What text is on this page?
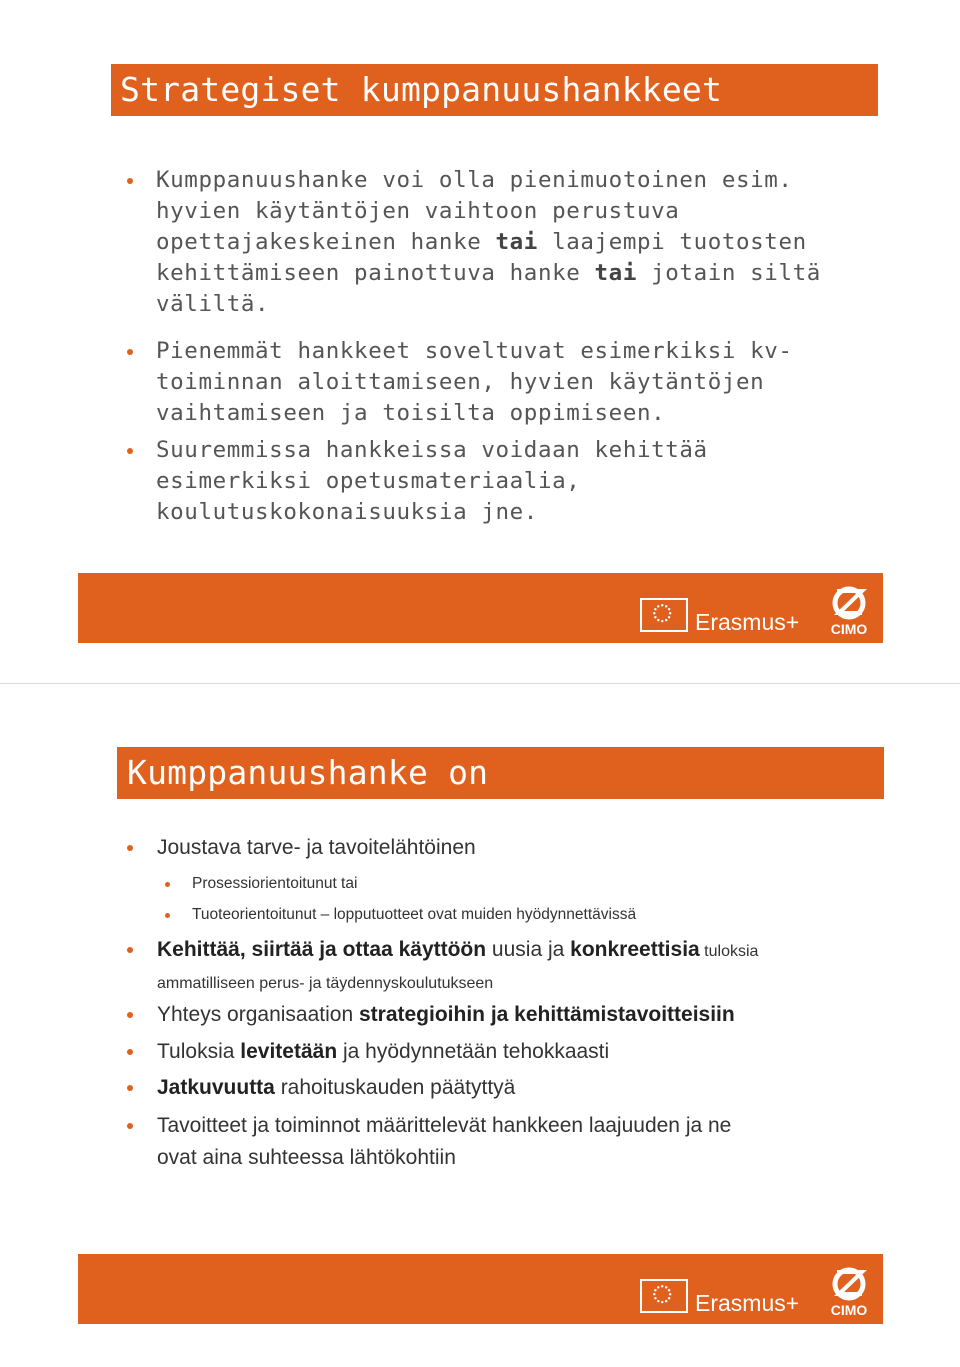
Strategiset kumppanuushankkeet
Kumppanuushanke voi olla pienimuotoinen esim.
hyvien käytäntöjen vaihtoon perustuva
opettajakeskeinen hanke tai laajempi tuotosten
kehittämiseen painottuva hanke tai jotain siltä
väliltä.
Pienemmät hankkeet soveltuvat esimerkiksi kv-
toiminnan aloittamiseen, hyvien käytäntöjen
vaihtamiseen ja toisilta oppimiseen.
Suuremmissa hankkeissa voidaan kehittää
esimerkiksi opetusmateriaalia,
koulutuskokonaisuuksia jne.
Erasmus+ CIMO
Kumppanuushanke on
Joustava tarve- ja tavoitelähtöinen
Prosessiorientoitunut tai
Tuoteorientoitunut – lopputuotteet ovat muiden hyödynnettävissä
Kehittää, siirtää ja ottaa käyttöön uusia ja konkreettisia tuloksia
ammatilliseen perus- ja täydennyskoulutukseen
Yhteys organisaation strategioihin ja kehittämistavoitteisiin
Tuloksia levitetään ja hyödynnetään tehokkaasti
Jatkuvuutta rahoituskauden päätyttyä
Tavoitteet ja toiminnot määrittelevät hankkeen laajuuden ja ne
ovat aina suhteessa lähtökohtiin
Erasmus+ CIMO
